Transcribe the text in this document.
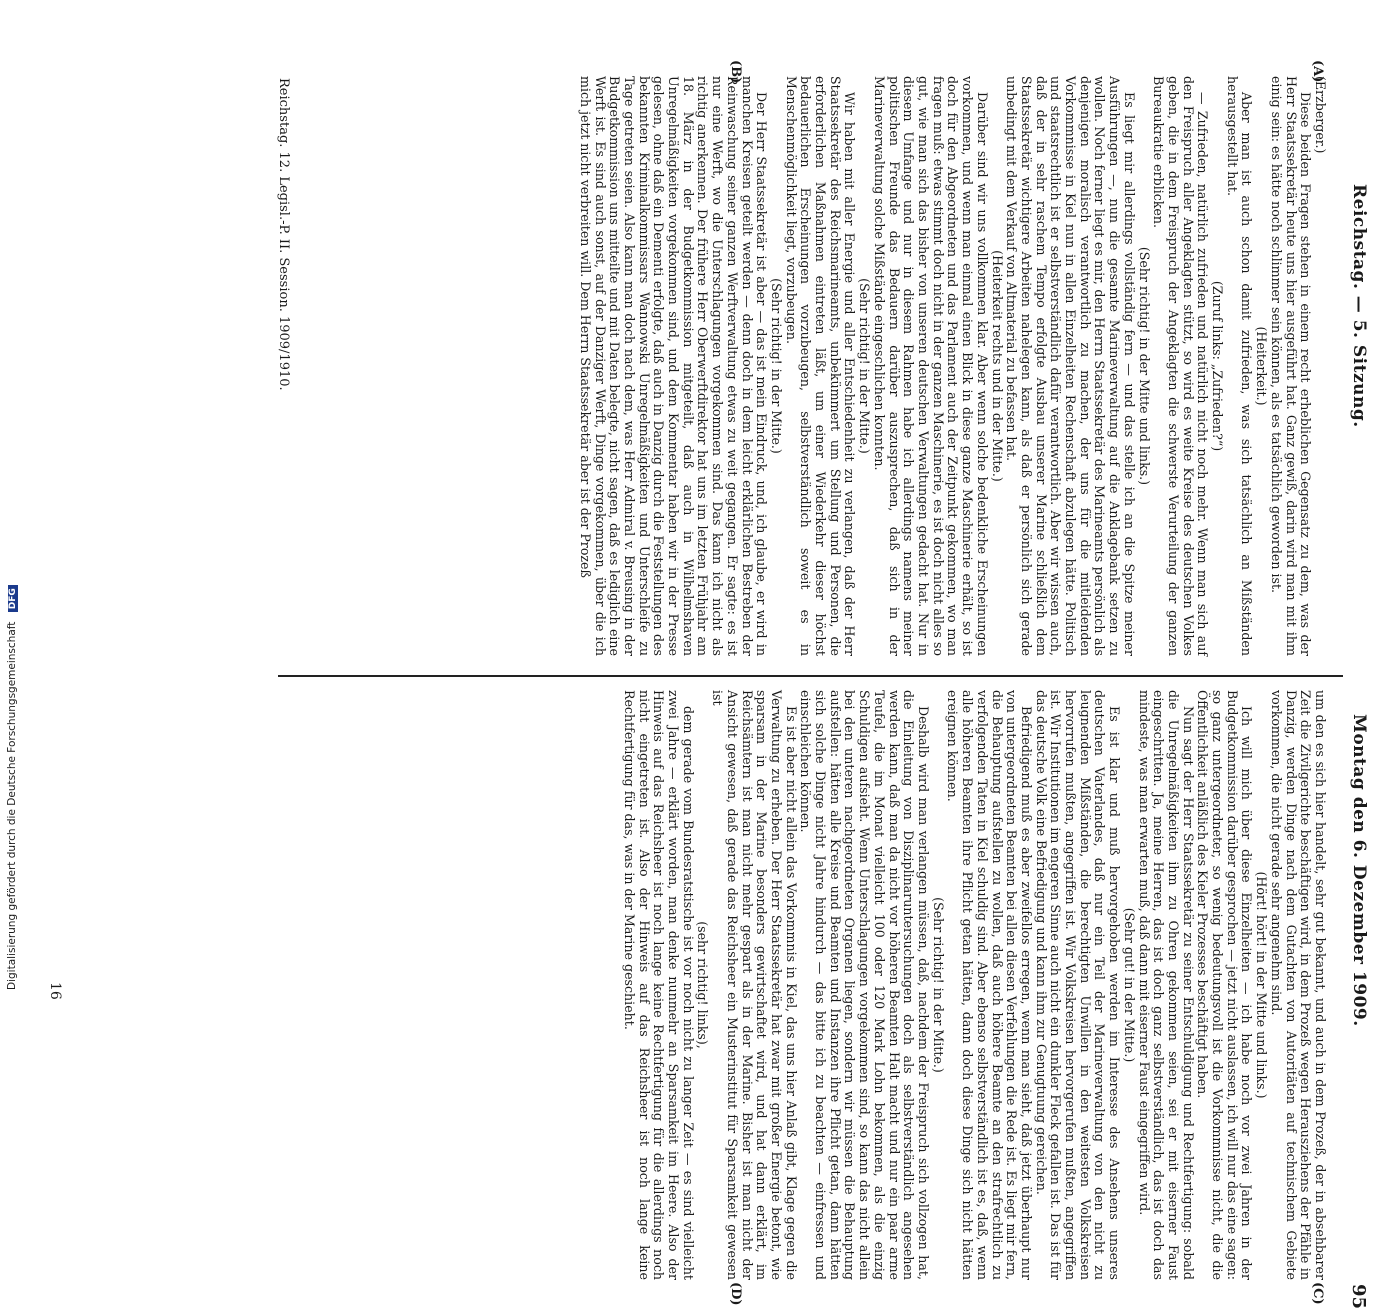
Reichstag. — 5. Sitzung.
Montag den 6. Dezember 1909.
95
(A)
(B)
(C)
(D)

(Erzberger.)

Diese beiden Fragen stehen in einem recht erheblichen Gegensatz zu dem, was der Herr Staatssekretär heute uns hier ausgeführt hat. Ganz gewiß, darin wird man mit ihm einig sein: es hätte noch schlimmer sein können, als es tatsächlich geworden ist.

(Heiterkeit.)

Aber man ist auch schon damit zufrieden, was sich tatsächlich an Mißständen herausgestellt hat.

(Zuruf links: „Zufrieden?“)

— Zufrieden, natürlich zufrieden und natürlich nicht noch mehr. Wenn man sich auf den Freispruch aller Angeklagten stützt, so wird es weite Kreise des deutschen Volkes geben, die in dem Freispruch der Angeklagten die schwerste Verurteilung der ganzen Bureaukratie erblicken.

(Sehr richtig! in der Mitte und links.)

Es liegt mir allerdings vollständig fern — und das stelle ich an die Spitze meiner Ausführungen —, nun die gesamte Marineverwaltung auf die Anklagebank setzen zu wollen. Noch ferner liegt es mir, den Herrn Staatssekretär des Marineamts persönlich als denjenigen moralisch verantwortlich zu machen, der uns für die mitleidenden Vorkommnisse in Kiel nun in allen Einzelheiten Rechenschaft abzulegen hätte. Politisch und staatsrechtlich ist er selbstverständlich dafür verantwortlich. Aber wir wissen auch, daß der in sehr raschem Tempo erfolgte Ausbau unserer Marine schließlich dem Staatssekretär wichtigere Arbeiten nahelegen kann, als daß er persönlich sich gerade unbedingt mit dem Verkauf von Altmaterial zu befassen hat.

(Heiterkeit rechts und in der Mitte.)

Darüber sind wir uns vollkommen klar. Aber wenn solche bedenkliche Erscheinungen vorkommen, und wenn man einmal einen Blick in diese ganze Maschinerie erhält, so ist doch für den Abgeordneten und das Parlament auch der Zeitpunkt gekommen, wo man fragen muß: etwas stimmt doch nicht in der ganzen Maschinerie, es ist doch nicht alles so gut, wie man sich das bisher von unseren deutschen Verwaltungen gedacht hat. Nur in diesem Umfange und nur in diesem Rahmen habe ich allerdings namens meiner politischen Freunde das Bedauern darüber auszusprechen, daß sich in der Marineverwaltung solche Mißstände eingeschlichen konnten.

(Sehr richtig! in der Mitte.)

Wir haben mit aller Energie und aller Entschiedenheit zu verlangen, daß der Herr Staatssekretär des Reichsmarineamts, unbekümmert um Stellung und Personen, die erforderlichen Maßnahmen eintreten läßt, um einer Wiederkehr dieser höchst bedauerlichen Erscheinungen vorzubeugen, selbstverständlich soweit es in Menschenmöglichkeit liegt, vorzubeugen.

(Sehr richtig! in der Mitte.)

Der Herr Staatssekretär ist aber — das ist mein Eindruck, und, ich glaube, er wird in manchen Kreisen geteilt werden — denn doch in dem leicht erklärlichen Bestreben der Reinwaschung seiner ganzen Werftverwaltung etwas zu weit gegangen. Er sagte: es ist nur eine Werft, wo die Unterschlagungen vorgekommen sind. Das kann ich nicht als richtig anerkennen. Der frühere Herr Oberwerftdirektor hat uns im letzten Frühjahr am 18. März in der Budgetkommission mitgeteilt, daß auch in Wilhelmshaven Unregelmäßigkeiten vorgekommen sind, und dem Kommentar haben wir in der Presse gelesen, ohne daß ein Dementi erfolgte, daß auch in Danzig durch die Feststellungen des bekannten Kriminalkommissars Wannowski Unregelmäßigkeiten und Unterschleife zu Tage getreten seien. Also kann man doch nach dem, was Herr Admiral v. Breusing in der Budgetkommission uns mitteilte und mit Daten belegte, nicht sagen, daß es lediglich eine Werft ist. Es sind auch sonst, auf der Danziger Werft, Dinge vorgekommen, über die ich mich jetzt nicht verbreiten will. Dem Herrn Staatssekretär aber ist der Prozeß

um den es sich hier handelt, sehr gut bekannt, und auch in dem Prozeß, der in absehbarer Zeit die Zivilgerichte beschäftigen wird, in dem Prozeß wegen Herausziehens der Pfähle in Danzig, werden Dinge nach dem Gutachten von Autoritäten auf technischem Gebiete vorkommen, die nicht gerade sehr angenehm sind.

(Hört! hört! in der Mitte und links.)

Ich will mich über diese Einzelheiten — ich habe noch vor zwei Jahren in der Budgetkommission darüber gesprochen — jetzt nicht auslassen, ich will nur das eine sagen: so ganz untergeordneter, so wenig bedeutungsvoll ist die Vorkommnisse nicht, die die Öffentlichkeit anläßlich des Kieler Prozesses beschäftigt haben.

Nun sagt der Herr Staatssekretär zu seiner Entschuldigung und Rechtfertigung: sobald die Unregelmäßigkeiten ihm zu Ohren gekommen seien, sei er mit eiserner Faust eingeschritten. Ja, meine Herren, das ist doch ganz selbstverständlich, das ist doch das mindeste, was man erwarten muß, daß dann mit eiserner Faust eingegriffen wird.

(Sehr gut! in der Mitte.)

Es ist klar und muß hervorgehoben werden im Interesse des Ansehens unseres deutschen Vaterlandes, daß nur ein Teil der Marineverwaltung von den nicht zu leugnenden Mißständen, die berechtigten Unwillen in den weitesten Volkskreisen hervorrufen mußten, angegriffen ist. Wir Volkskreisen hervorgerufen mußten, angegriffen ist. Wir Institutionen im engeren Sinne auch nicht ein dunkler Fleck gefallen ist. Das ist für das deutsche Volk eine Befriedigung und kann ihm zur Genugtuung gereichen.

Befriedigend muß es aber zweifellos erregen, wenn man sieht, daß jetzt überhaupt nur von untergeordneten Beamten bei allen diesen Verfehlungen die Rede ist. Es liegt mir fern, die Behauptung aufstellen zu wollen, daß auch höhere Beamte an den strafrechtlich zu verfolgenden Taten in Kiel schuldig sind. Aber ebenso selbstverständlich ist es, daß, wenn alle höheren Beamten ihre Pflicht getan hätten, dann doch diese Dinge sich nicht hätten ereignen können.

(Sehr richtig! in der Mitte.)

Deshalb wird man verlangen müssen, daß, nachdem der Freispruch sich vollzogen hat, die Einleitung von Disziplinaruntersuchungen doch als selbstverständlich angesehen werden kann, daß man da nicht vor höheren Beamten Halt macht und nur ein paar arme Teufel, die im Monat vielleicht 100 oder 120 Mark Lohn bekommen, als die einzig Schuldigen aufsieht. Wenn Unterschlagungen vorgekommen sind, so kann das nicht allein bei den unteren nachgeordneten Organen liegen, sondern wir müssen die Behauptung aufstellen: hätten alle Kreise und Beamten und Instanzen ihre Pflicht getan, dann hätten sich solche Dinge nicht Jahre hindurch — das bitte ich zu beachten — einfressen und einschleichen können.

Es ist aber nicht allein das Vorkommnis in Kiel, das uns hier Anlaß gibt, Klage gegen die Verwaltung zu erheben. Der Herr Staatssekretär hat zwar mit großer Energie betont, wie sparsam in der Marine besonders gewirtschaftet wird, und hat dann erklärt, im Reichsämtern ist man nicht mehr gespart als in der Marine. Bisher ist man nicht der Ansicht gewesen, daß gerade das Reichsheer ein Musterinstitut für Sparsamkeit gewesen ist

(sehr richtig! links),

dem gerade vom Bundesratstische ist vor noch nicht zu langer Zeit — es sind vielleicht zwei Jahre — erklärt worden, man denke nunmehr an Sparsamkeit im Heere. Also der Hinweis auf das Reichsheer ist noch lange keine Rechtfertigung für die allerdings noch nicht eingetreten ist. Also der Hinweis auf das Reichsheer ist noch lange keine Rechtfertigung für das, was in der Marine geschieht.

Reichstag. 12. Legisl.-P. II. Session. 1909/1910.
16
Digitalisierung gefördert durch die Deutsche Forschungsgemeinschaft DFG
